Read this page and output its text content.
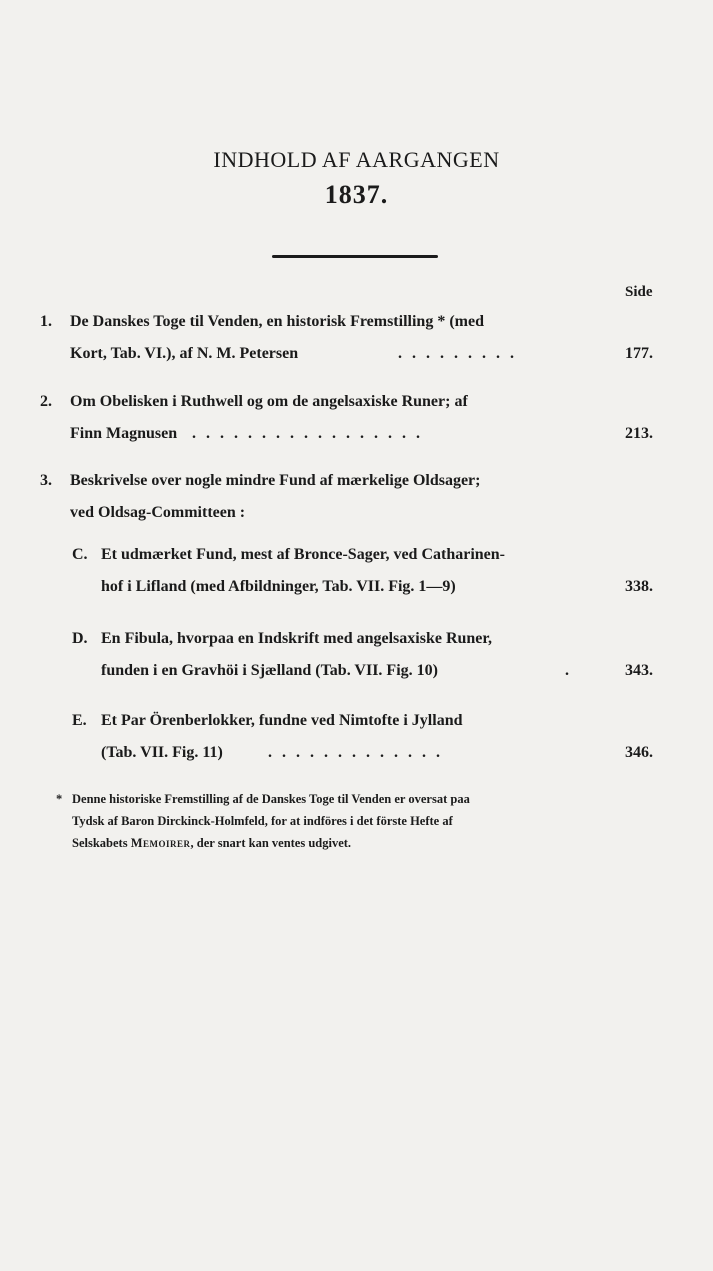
INDHOLD AF AARGANGEN
1837.
Side
1. De Danskes Toge til Venden, en historisk Fremstilling * (med
Kort, Tab. VI.), af N. M. Petersen	. . . . . . . . .	177.
2. Om Obelisken i Ruthwell og om de angelsaxiske Runer; af
Finn Magnusen . . . . . . . . . . . . . . . . .	213.
3. Beskrivelse over nogle mindre Fund af mærkelige Oldsager;
ved Oldsag-Committeen :
C. Et udmærket Fund, mest af Bronce-Sager, ved Catharinen-
hof i Lifland (med Afbildninger, Tab. VII. Fig. 1—9)	338.
D. En Fibula, hvorpaa en Indskrift med angelsaxiske Runer,
funden i en Gravhöi i Sjælland (Tab. VII. Fig. 10)	.	343.
E. Et Par Örenberlokker, fundne ved Nimtofte i Jylland
(Tab. VII. Fig. 11)	. . . . . . . . . . . . .	346.
* Denne historiske Fremstilling af de Danskes Toge til Venden er oversat paa
Tydsk af Baron Dirckinck-Holmfeld, for at indföres i det förste Hefte af
Selskabets Memoirer, der snart kan ventes udgivet.
